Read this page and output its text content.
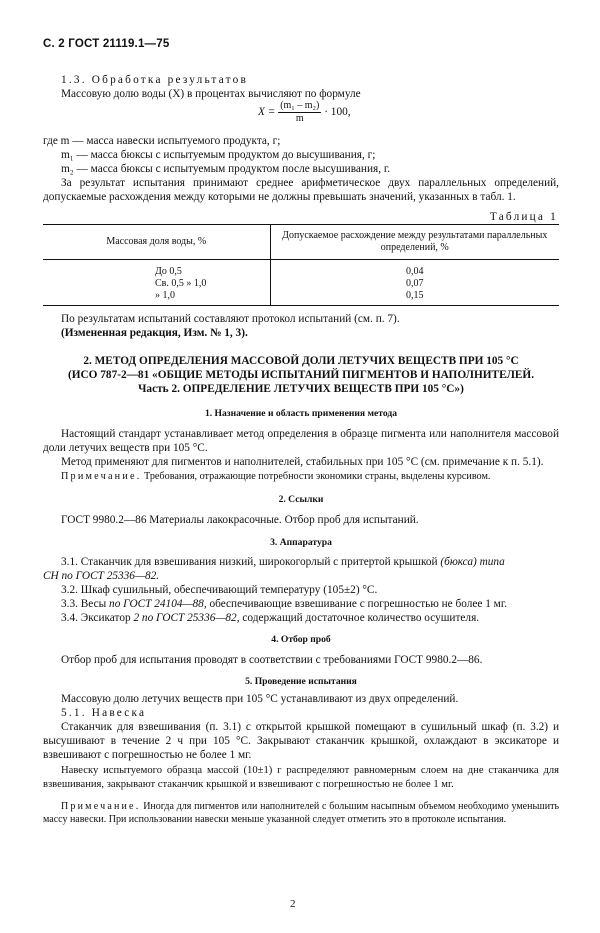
С. 2 ГОСТ 21119.1—75
1.3. Обработка результатов
Массовую долю воды (X) в процентах вычисляют по формуле
$X = \frac{\text{(m₁ – m₂)}}{m} \cdot 100$,
где m — масса навески испытуемого продукта, г;
m₁ — масса бюксы с испытуемым продуктом до высушивания, г;
m₂ — масса бюксы с испытуемым продуктом после высушивания, г.
За результат испытания принимают среднее арифметическое двух параллельных определений, допускаемые расхождения между которыми не должны превышать значений, указанных в табл. 1.
Таблица 1
Массовая доля воды, %	Допускаемое расхождение между результатами параллельных определений, %
До 0,5	0,04
Св. 0,5 » 1,0	0,07
» 1,0	0,15
По результатам испытаний составляют протокол испытаний (см. п. 7).
(Измененная редакция, Изм. № 1, 3).
2. МЕТОД ОПРЕДЕЛЕНИЯ МАССОВОЙ ДОЛИ ЛЕТУЧИХ ВЕЩЕСТВ ПРИ 105 °С
(ИСО 787-2—81 «ОБЩИЕ МЕТОДЫ ИСПЫТАНИЙ ПИГМЕНТОВ И НАПОЛНИТЕЛЕЙ.
Часть 2. ОПРЕДЕЛЕНИЕ ЛЕТУЧИХ ВЕЩЕСТВ ПРИ 105 °С»)
1. Назначение и область применения метода
Настоящий стандарт устанавливает метод определения в образце пигмента или наполнителя массовой доли летучих веществ при 105 °С.
Метод применяют для пигментов и наполнителей, стабильных при 105 °С (см. примечание к п. 5.1).
Примечание. Требования, отражающие потребности экономики страны, выделены курсивом.
2. Ссылки
ГОСТ 9980.2—86 Материалы лакокрасочные. Отбор проб для испытаний.
3. Аппаратура
3.1. Стаканчик для взвешивания низкий, широкогорлый с притертой крышкой (бюкса) типа
СН по ГОСТ 25336—82.
3.2. Шкаф сушильный, обеспечивающий температуру (105±2) °С.
3.3. Весы по ГОСТ 24104—88, обеспечивающие взвешивание с погрешностью не более 1 мг.
3.4. Эксикатор 2 по ГОСТ 25336—82, содержащий достаточное количество осушителя.
4. Отбор проб
Отбор проб для испытания проводят в соответствии с требованиями ГОСТ 9980.2—86.
5. Проведение испытания
Массовую долю летучих веществ при 105 °С устанавливают из двух определений.
5.1. Навеска
Стаканчик для взвешивания (п. 3.1) с открытой крышкой помещают в сушильный шкаф (п. 3.2) и высушивают в течение 2 ч при 105 °С. Закрывают стаканчик крышкой, охлаждают в эксикаторе и взвешивают с погрешностью не более 1 мг.
Навеску испытуемого образца массой (10±1) г распределяют равномерным слоем на дне стаканчика для взвешивания, закрывают стаканчик крышкой и взвешивают с погрешностью не более 1 мг.
Примечание. Иногда для пигментов или наполнителей с большим насыпным объемом необходимо уменьшить массу навески. При использовании навески меньше указанной следует отметить это в протоколе испытания.
2
